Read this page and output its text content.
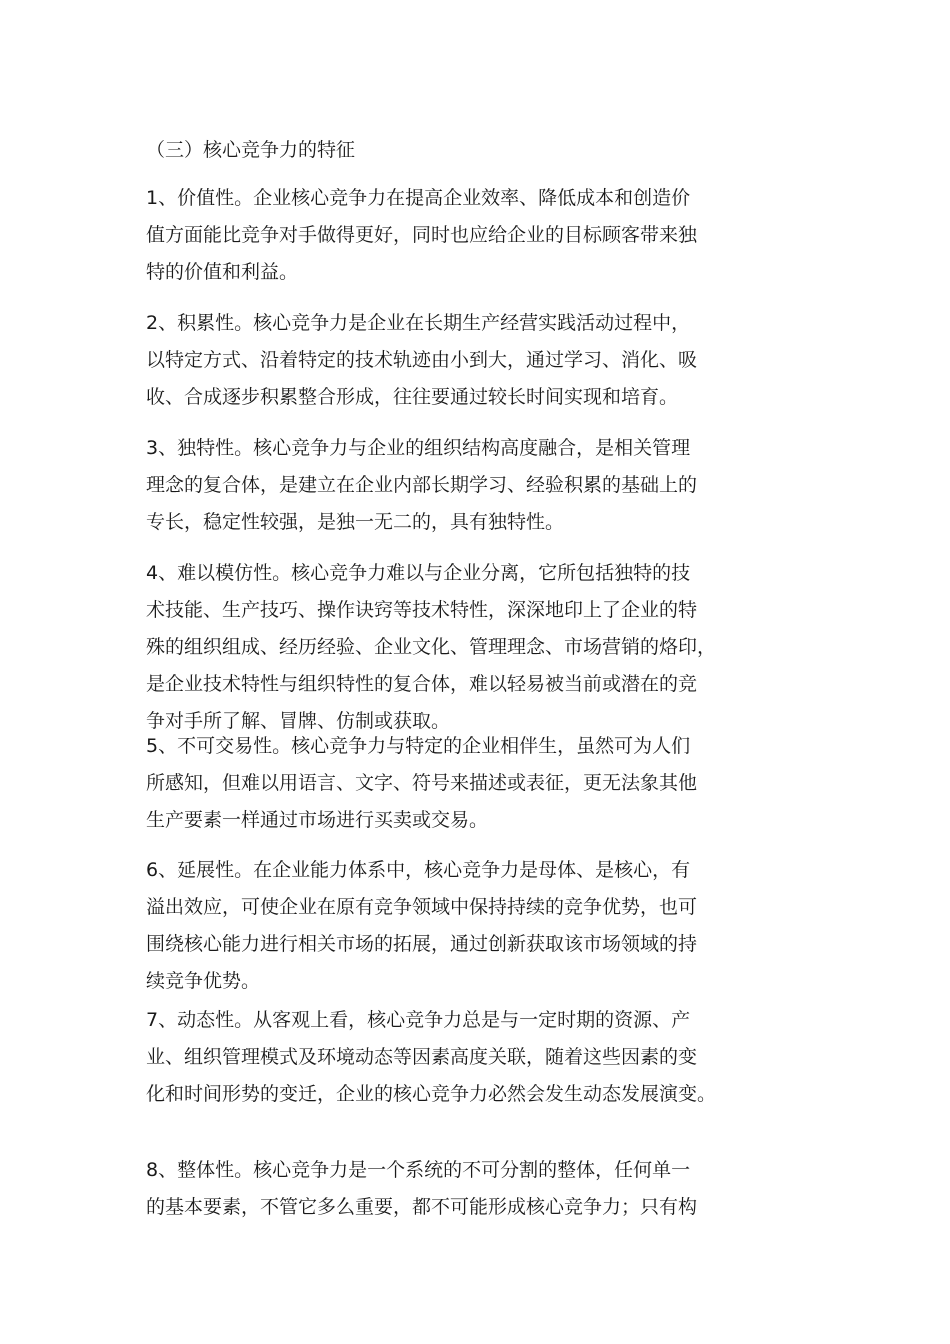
（三）核心竞争力的特征
1、价值性。企业核心竞争力在提高企业效率、降低成本和创造价
值方面能比竞争对手做得更好，同时也应给企业的目标顾客带来独
特的价值和利益。
2、积累性。核心竞争力是企业在长期生产经营实践活动过程中，
以特定方式、沿着特定的技术轨迹由小到大，通过学习、消化、吸
收、合成逐步积累整合形成，往往要通过较长时间实现和培育。
3、独特性。核心竞争力与企业的组织结构高度融合，是相关管理
理念的复合体，是建立在企业内部长期学习、经验积累的基础上的
专长，稳定性较强，是独一无二的，具有独特性。
4、难以模仿性。核心竞争力难以与企业分离，它所包括独特的技
术技能、生产技巧、操作诀窍等技术特性，深深地印上了企业的特
殊的组织组成、经历经验、企业文化、管理理念、市场营销的烙印，
是企业技术特性与组织特性的复合体，难以轻易被当前或潜在的竞
争对手所了解、冒牌、仿制或获取。
5、不可交易性。核心竞争力与特定的企业相伴生，虽然可为人们
所感知，但难以用语言、文字、符号来描述或表征，更无法象其他
生产要素一样通过市场进行买卖或交易。
6、延展性。在企业能力体系中，核心竞争力是母体、是核心，有
溢出效应，可使企业在原有竞争领域中保持持续的竞争优势，也可
围绕核心能力进行相关市场的拓展，通过创新获取该市场领域的持
续竞争优势。
7、动态性。从客观上看，核心竞争力总是与一定时期的资源、产
业、组织管理模式及环境动态等因素高度关联，随着这些因素的变
化和时间形势的变迁，企业的核心竞争力必然会发生动态发展演变。
8、整体性。核心竞争力是一个系统的不可分割的整体，任何单一
的基本要素，不管它多么重要，都不可能形成核心竞争力；只有构
